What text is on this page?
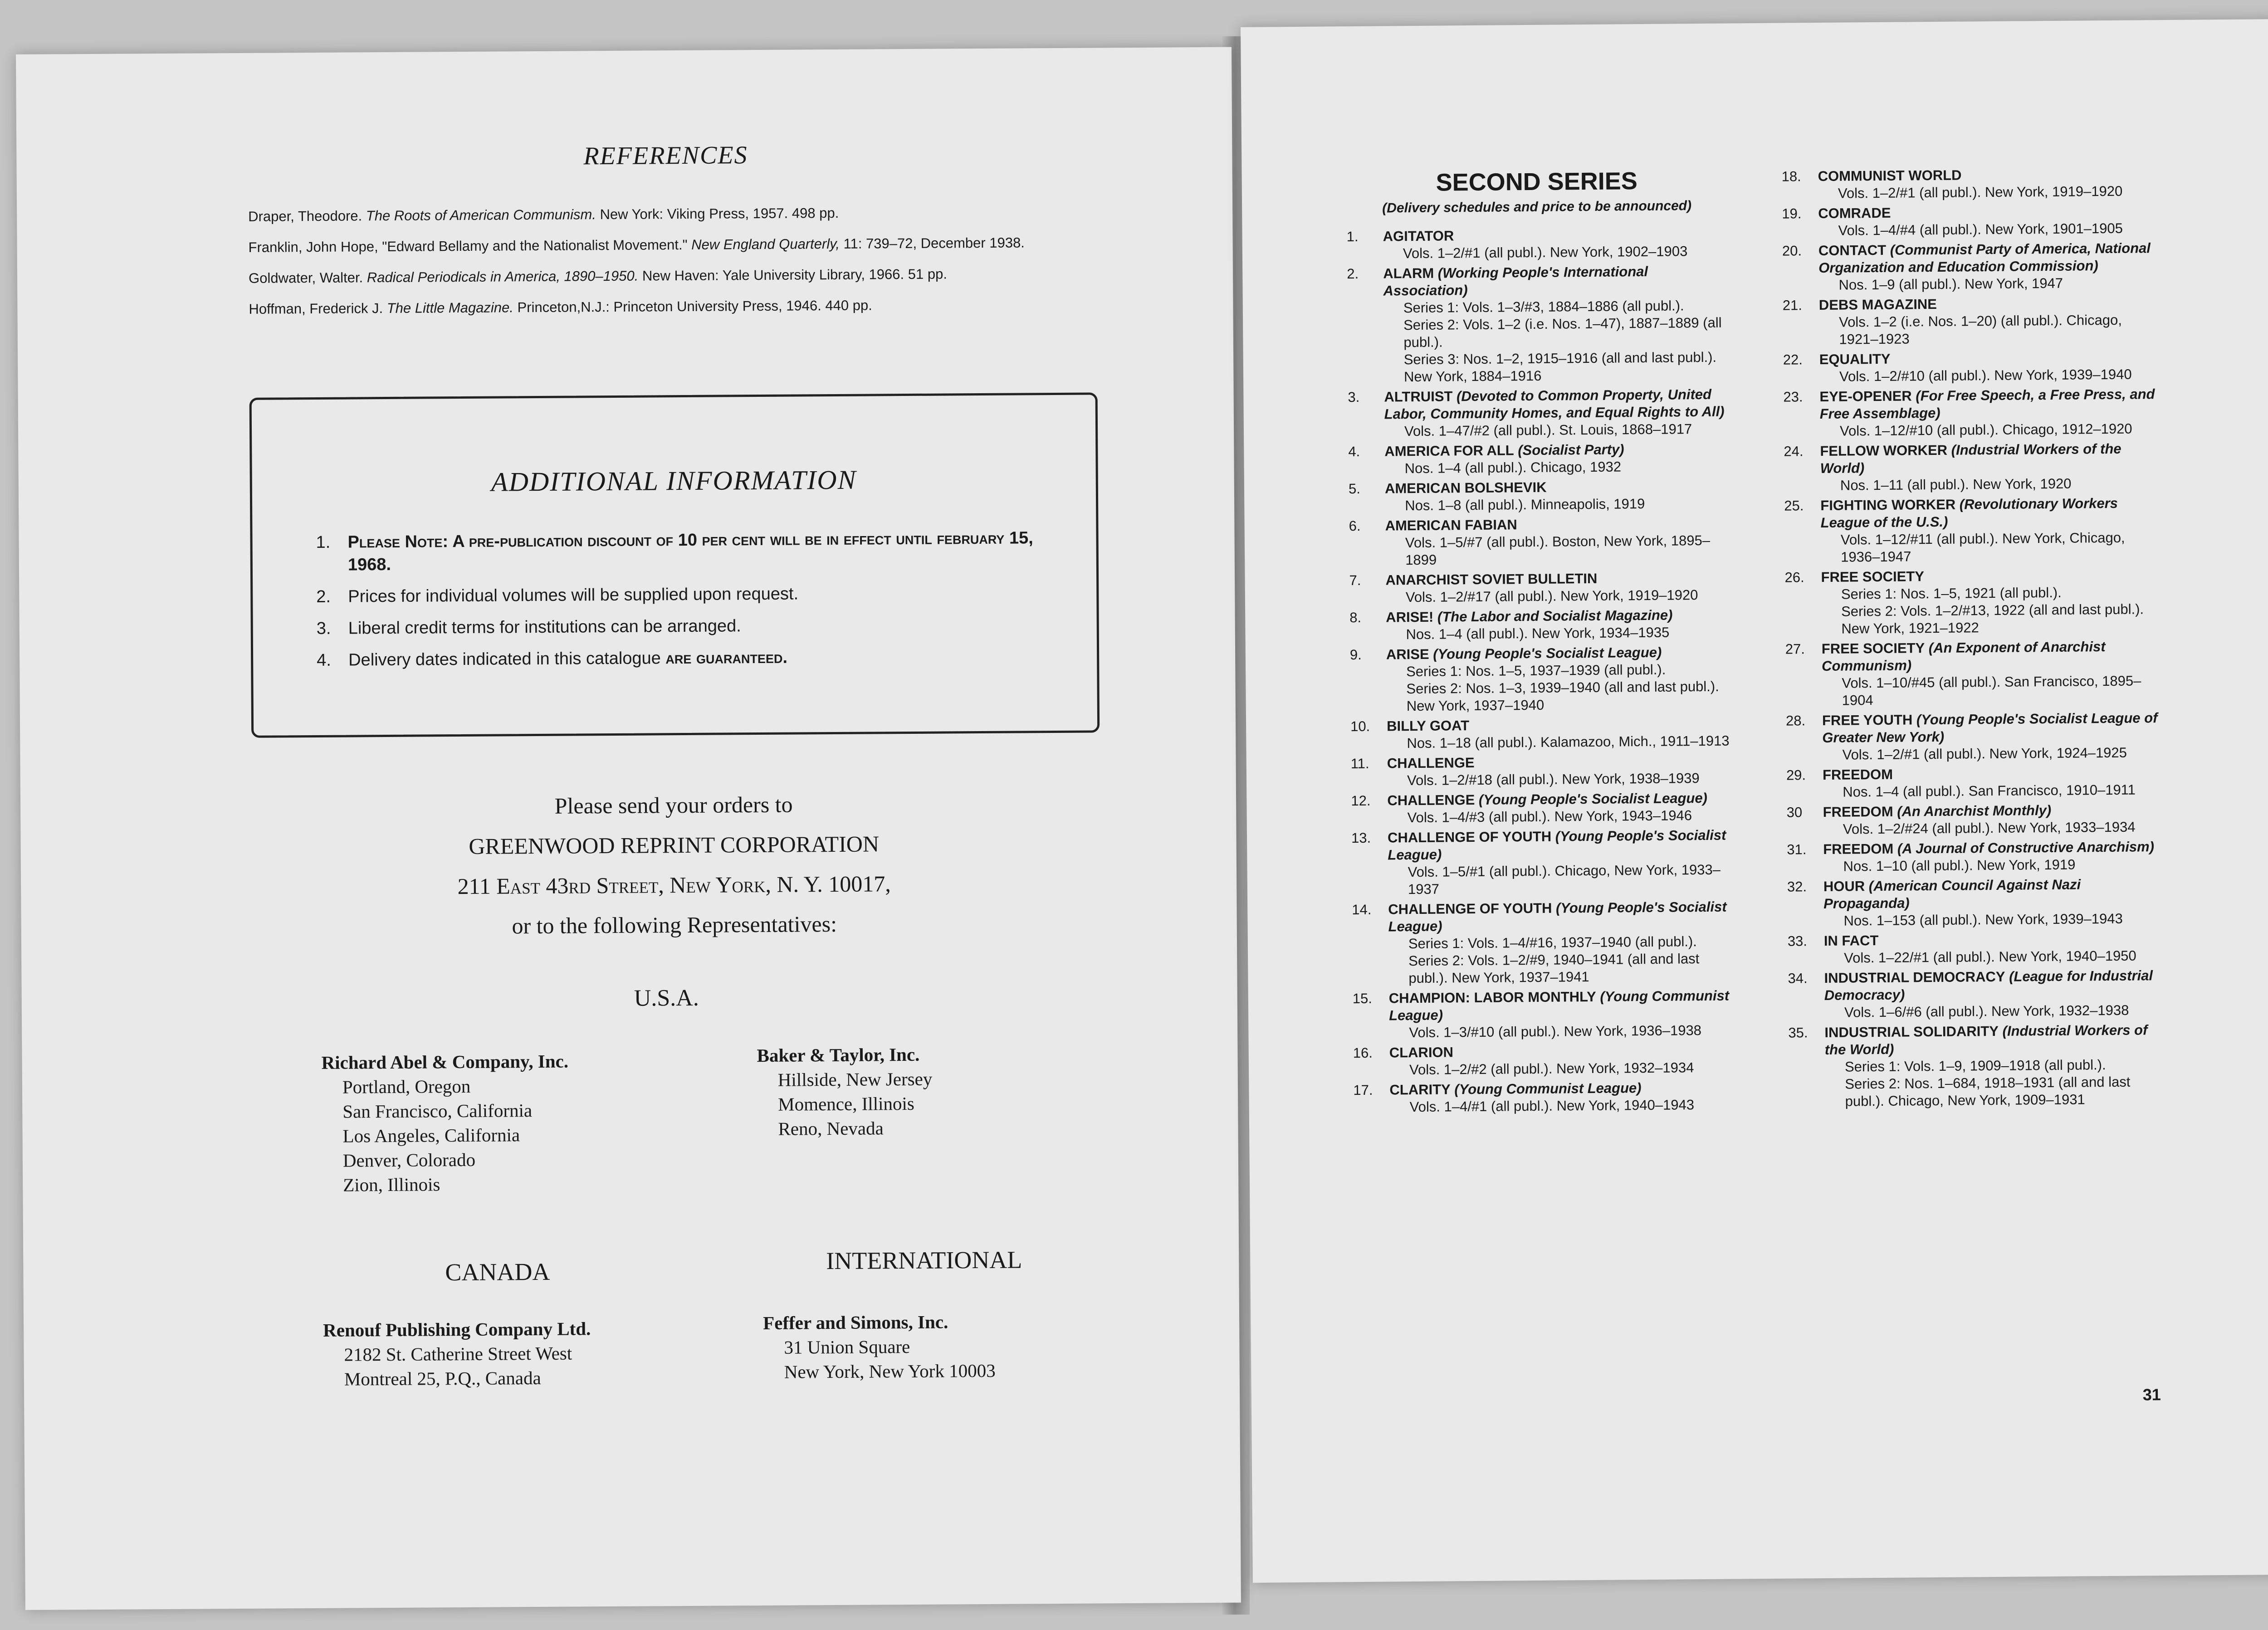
REFERENCES
Draper, Theodore. The Roots of American Communism. New York: Viking Press, 1957. 498 pp.
Franklin, John Hope, "Edward Bellamy and the Nationalist Movement." New England Quarterly, 11: 739–72, December 1938.
Goldwater, Walter. Radical Periodicals in America, 1890–1950. New Haven: Yale University Library, 1966. 51 pp.
Hoffman, Frederick J. The Little Magazine. Princeton,N.J.: Princeton University Press, 1946. 440 pp.
ADDITIONAL INFORMATION
1.	Please Note: A pre-publication discount of 10 per cent will be in effect until february 15, 1968.
2.	Prices for individual volumes will be supplied upon request.
3.	Liberal credit terms for institutions can be arranged.
4.	Delivery dates indicated in this catalogue are guaranteed.
Please send your orders to
GREENWOOD REPRINT CORPORATION
211 East 43rd Street, New York, N. Y. 10017,
or to the following Representatives:
U.S.A.
Richard Abel & Company, Inc.
Portland, Oregon
San Francisco, California
Los Angeles, California
Denver, Colorado
Zion, Illinois
Baker & Taylor, Inc.
Hillside, New Jersey
Momence, Illinois
Reno, Nevada
CANADA	INTERNATIONAL
Renouf Publishing Company Ltd.
2182 St. Catherine Street West
Montreal 25, P.Q., Canada
Feffer and Simons, Inc.
31 Union Square
New York, New York 10003
SECOND SERIES
(Delivery schedules and price to be announced)
1.	AGITATOR
Vols. 1–2/#1 (all publ.). New York, 1902–1903
2.	ALARM (Working People's International Association)
Series 1: Vols. 1–3/#3, 1884–1886 (all publ.).
Series 2: Vols. 1–2 (i.e. Nos. 1–47), 1887–1889 (all publ.).
Series 3: Nos. 1–2, 1915–1916 (all and last publ.). New York, 1884–1916
3.	ALTRUIST (Devoted to Common Property, United Labor, Community Homes, and Equal Rights to All)
Vols. 1–47/#2 (all publ.). St. Louis, 1868–1917
4.	AMERICA FOR ALL (Socialist Party)
Nos. 1–4 (all publ.). Chicago, 1932
5.	AMERICAN BOLSHEVIK
Nos. 1–8 (all publ.). Minneapolis, 1919
6.	AMERICAN FABIAN
Vols. 1–5/#7 (all publ.). Boston, New York, 1895–1899
7.	ANARCHIST SOVIET BULLETIN
Vols. 1–2/#17 (all publ.). New York, 1919–1920
8.	ARISE! (The Labor and Socialist Magazine)
Nos. 1–4 (all publ.). New York, 1934–1935
9.	ARISE (Young People's Socialist League)
Series 1: Nos. 1–5, 1937–1939 (all publ.).
Series 2: Nos. 1–3, 1939–1940 (all and last publ.). New York, 1937–1940
10.	BILLY GOAT
Nos. 1–18 (all publ.). Kalamazoo, Mich., 1911–1913
11.	CHALLENGE
Vols. 1–2/#18 (all publ.). New York, 1938–1939
12.	CHALLENGE (Young People's Socialist League)
Vols. 1–4/#3 (all publ.). New York, 1943–1946
13.	CHALLENGE OF YOUTH (Young People's Socialist League)
Vols. 1–5/#1 (all publ.). Chicago, New York, 1933–1937
14.	CHALLENGE OF YOUTH (Young People's Socialist League)
Series 1: Vols. 1–4/#16, 1937–1940 (all publ.).
Series 2: Vols. 1–2/#9, 1940–1941 (all and last publ.). New York, 1937–1941
15.	CHAMPION: LABOR MONTHLY (Young Communist League)
Vols. 1–3/#10 (all publ.). New York, 1936–1938
16.	CLARION
Vols. 1–2/#2 (all publ.). New York, 1932–1934
17.	CLARITY (Young Communist League)
Vols. 1–4/#1 (all publ.). New York, 1940–1943
18.	COMMUNIST WORLD
Vols. 1–2/#1 (all publ.). New York, 1919–1920
19.	COMRADE
Vols. 1–4/#4 (all publ.). New York, 1901–1905
20.	CONTACT (Communist Party of America, National Organization and Education Commission)
Nos. 1–9 (all publ.). New York, 1947
21.	DEBS MAGAZINE
Vols. 1–2 (i.e. Nos. 1–20) (all publ.). Chicago, 1921–1923
22.	EQUALITY
Vols. 1–2/#10 (all publ.). New York, 1939–1940
23.	EYE-OPENER (For Free Speech, a Free Press, and Free Assemblage)
Vols. 1–12/#10 (all publ.). Chicago, 1912–1920
24.	FELLOW WORKER (Industrial Workers of the World)
Nos. 1–11 (all publ.). New York, 1920
25.	FIGHTING WORKER (Revolutionary Workers League of the U.S.)
Vols. 1–12/#11 (all publ.). New York, Chicago, 1936–1947
26.	FREE SOCIETY
Series 1: Nos. 1–5, 1921 (all publ.).
Series 2: Vols. 1–2/#13, 1922 (all and last publ.). New York, 1921–1922
27.	FREE SOCIETY (An Exponent of Anarchist Communism)
Vols. 1–10/#45 (all publ.). San Francisco, 1895–1904
28.	FREE YOUTH (Young People's Socialist League of Greater New York)
Vols. 1–2/#1 (all publ.). New York, 1924–1925
29.	FREEDOM
Nos. 1–4 (all publ.). San Francisco, 1910–1911
30	FREEDOM (An Anarchist Monthly)
Vols. 1–2/#24 (all publ.). New York, 1933–1934
31.	FREEDOM (A Journal of Constructive Anarchism)
Nos. 1–10 (all publ.). New York, 1919
32.	HOUR (American Council Against Nazi Propaganda)
Nos. 1–153 (all publ.). New York, 1939–1943
33.	IN FACT
Vols. 1–22/#1 (all publ.). New York, 1940–1950
34.	INDUSTRIAL DEMOCRACY (League for Industrial Democracy)
Vols. 1–6/#6 (all publ.). New York, 1932–1938
35.	INDUSTRIAL SOLIDARITY (Industrial Workers of the World)
Series 1: Vols. 1–9, 1909–1918 (all publ.).
Series 2: Nos. 1–684, 1918–1931 (all and last publ.). Chicago, New York, 1909–1931
31
